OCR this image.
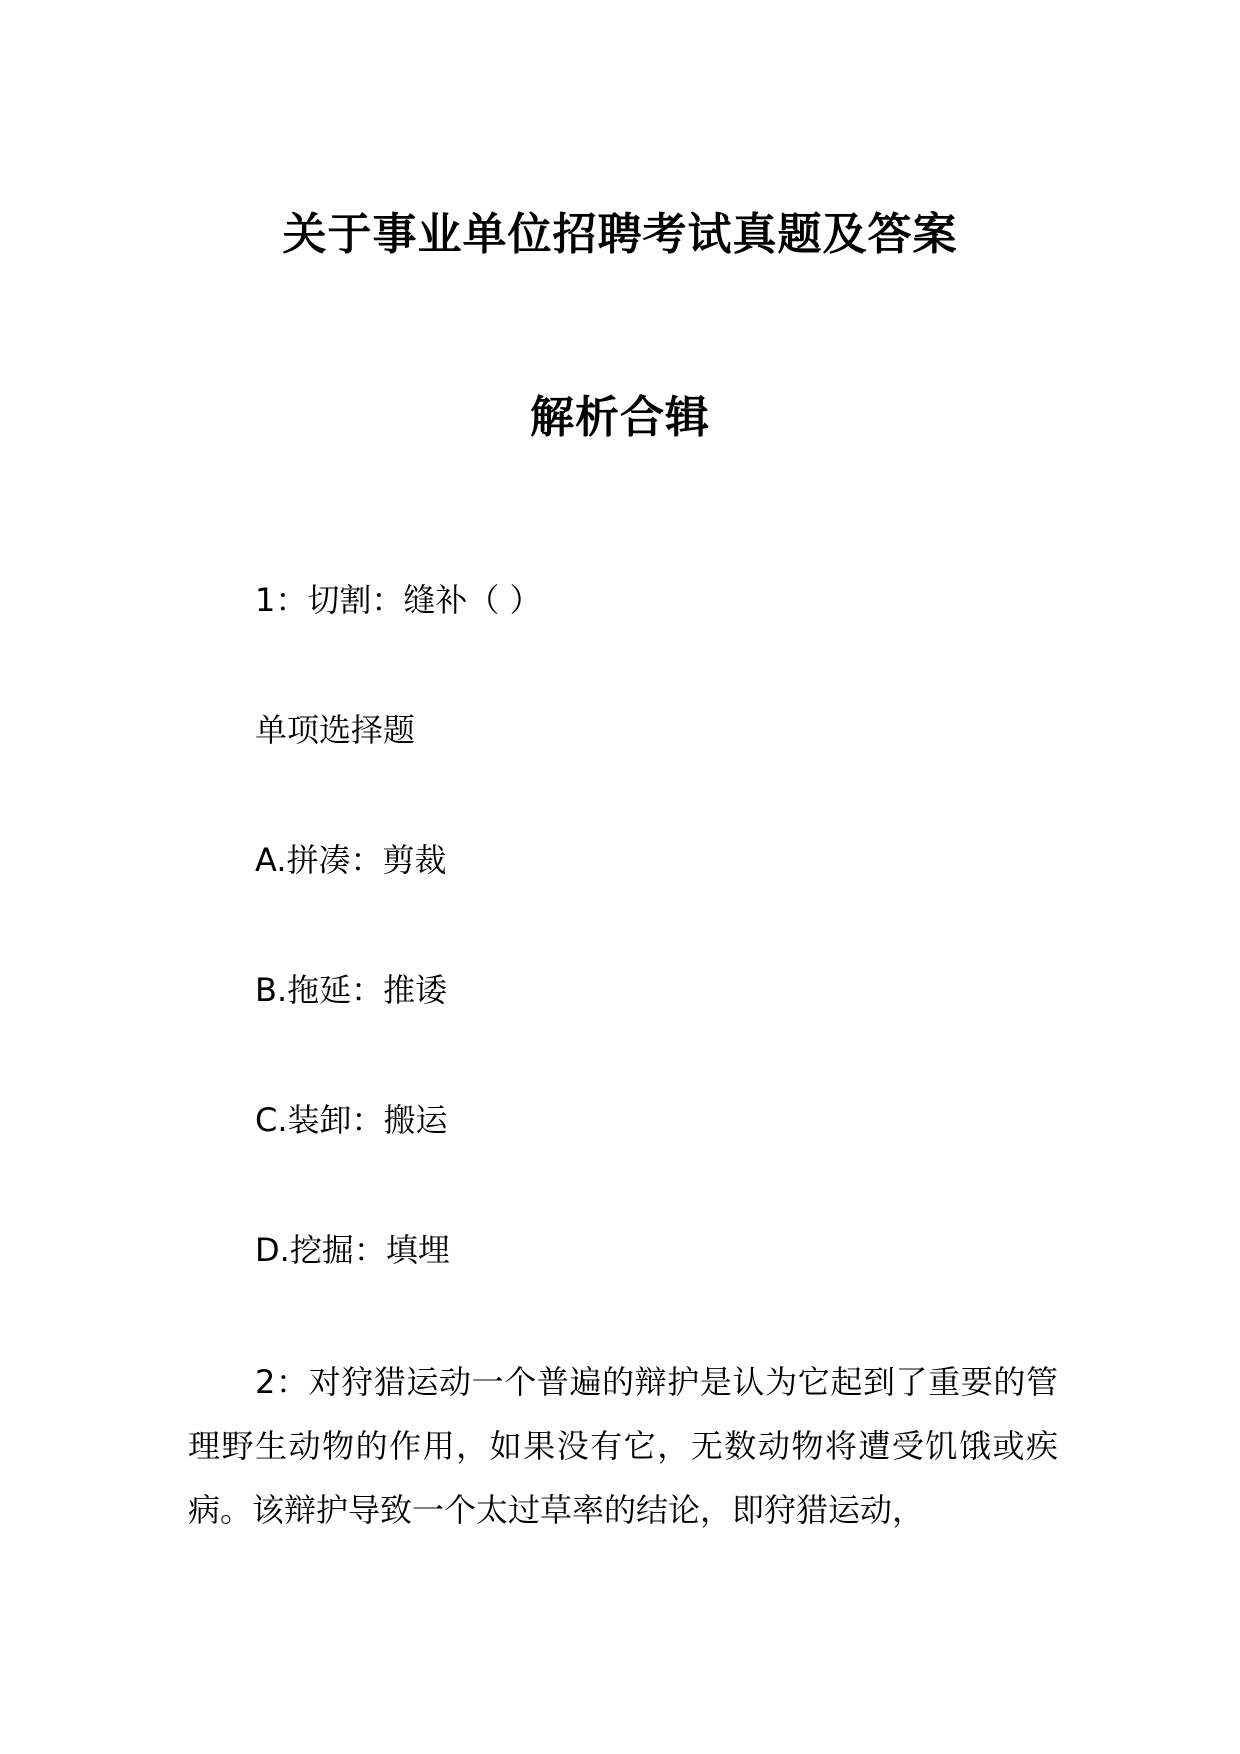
关于事业单位招聘考试真题及答案
解析合辑
1：切割：缝补（ ）
单项选择题
A.拼凑：剪裁
B.拖延：推诿
C.装卸：搬运
D.挖掘：填埋
2：对狩猎运动一个普遍的辩护是认为它起到了重要的管理野生动物的作用，如果没有它，无数动物将遭受饥饿或疾病。该辩护导致一个太过草率的结论，即狩猎运动，
